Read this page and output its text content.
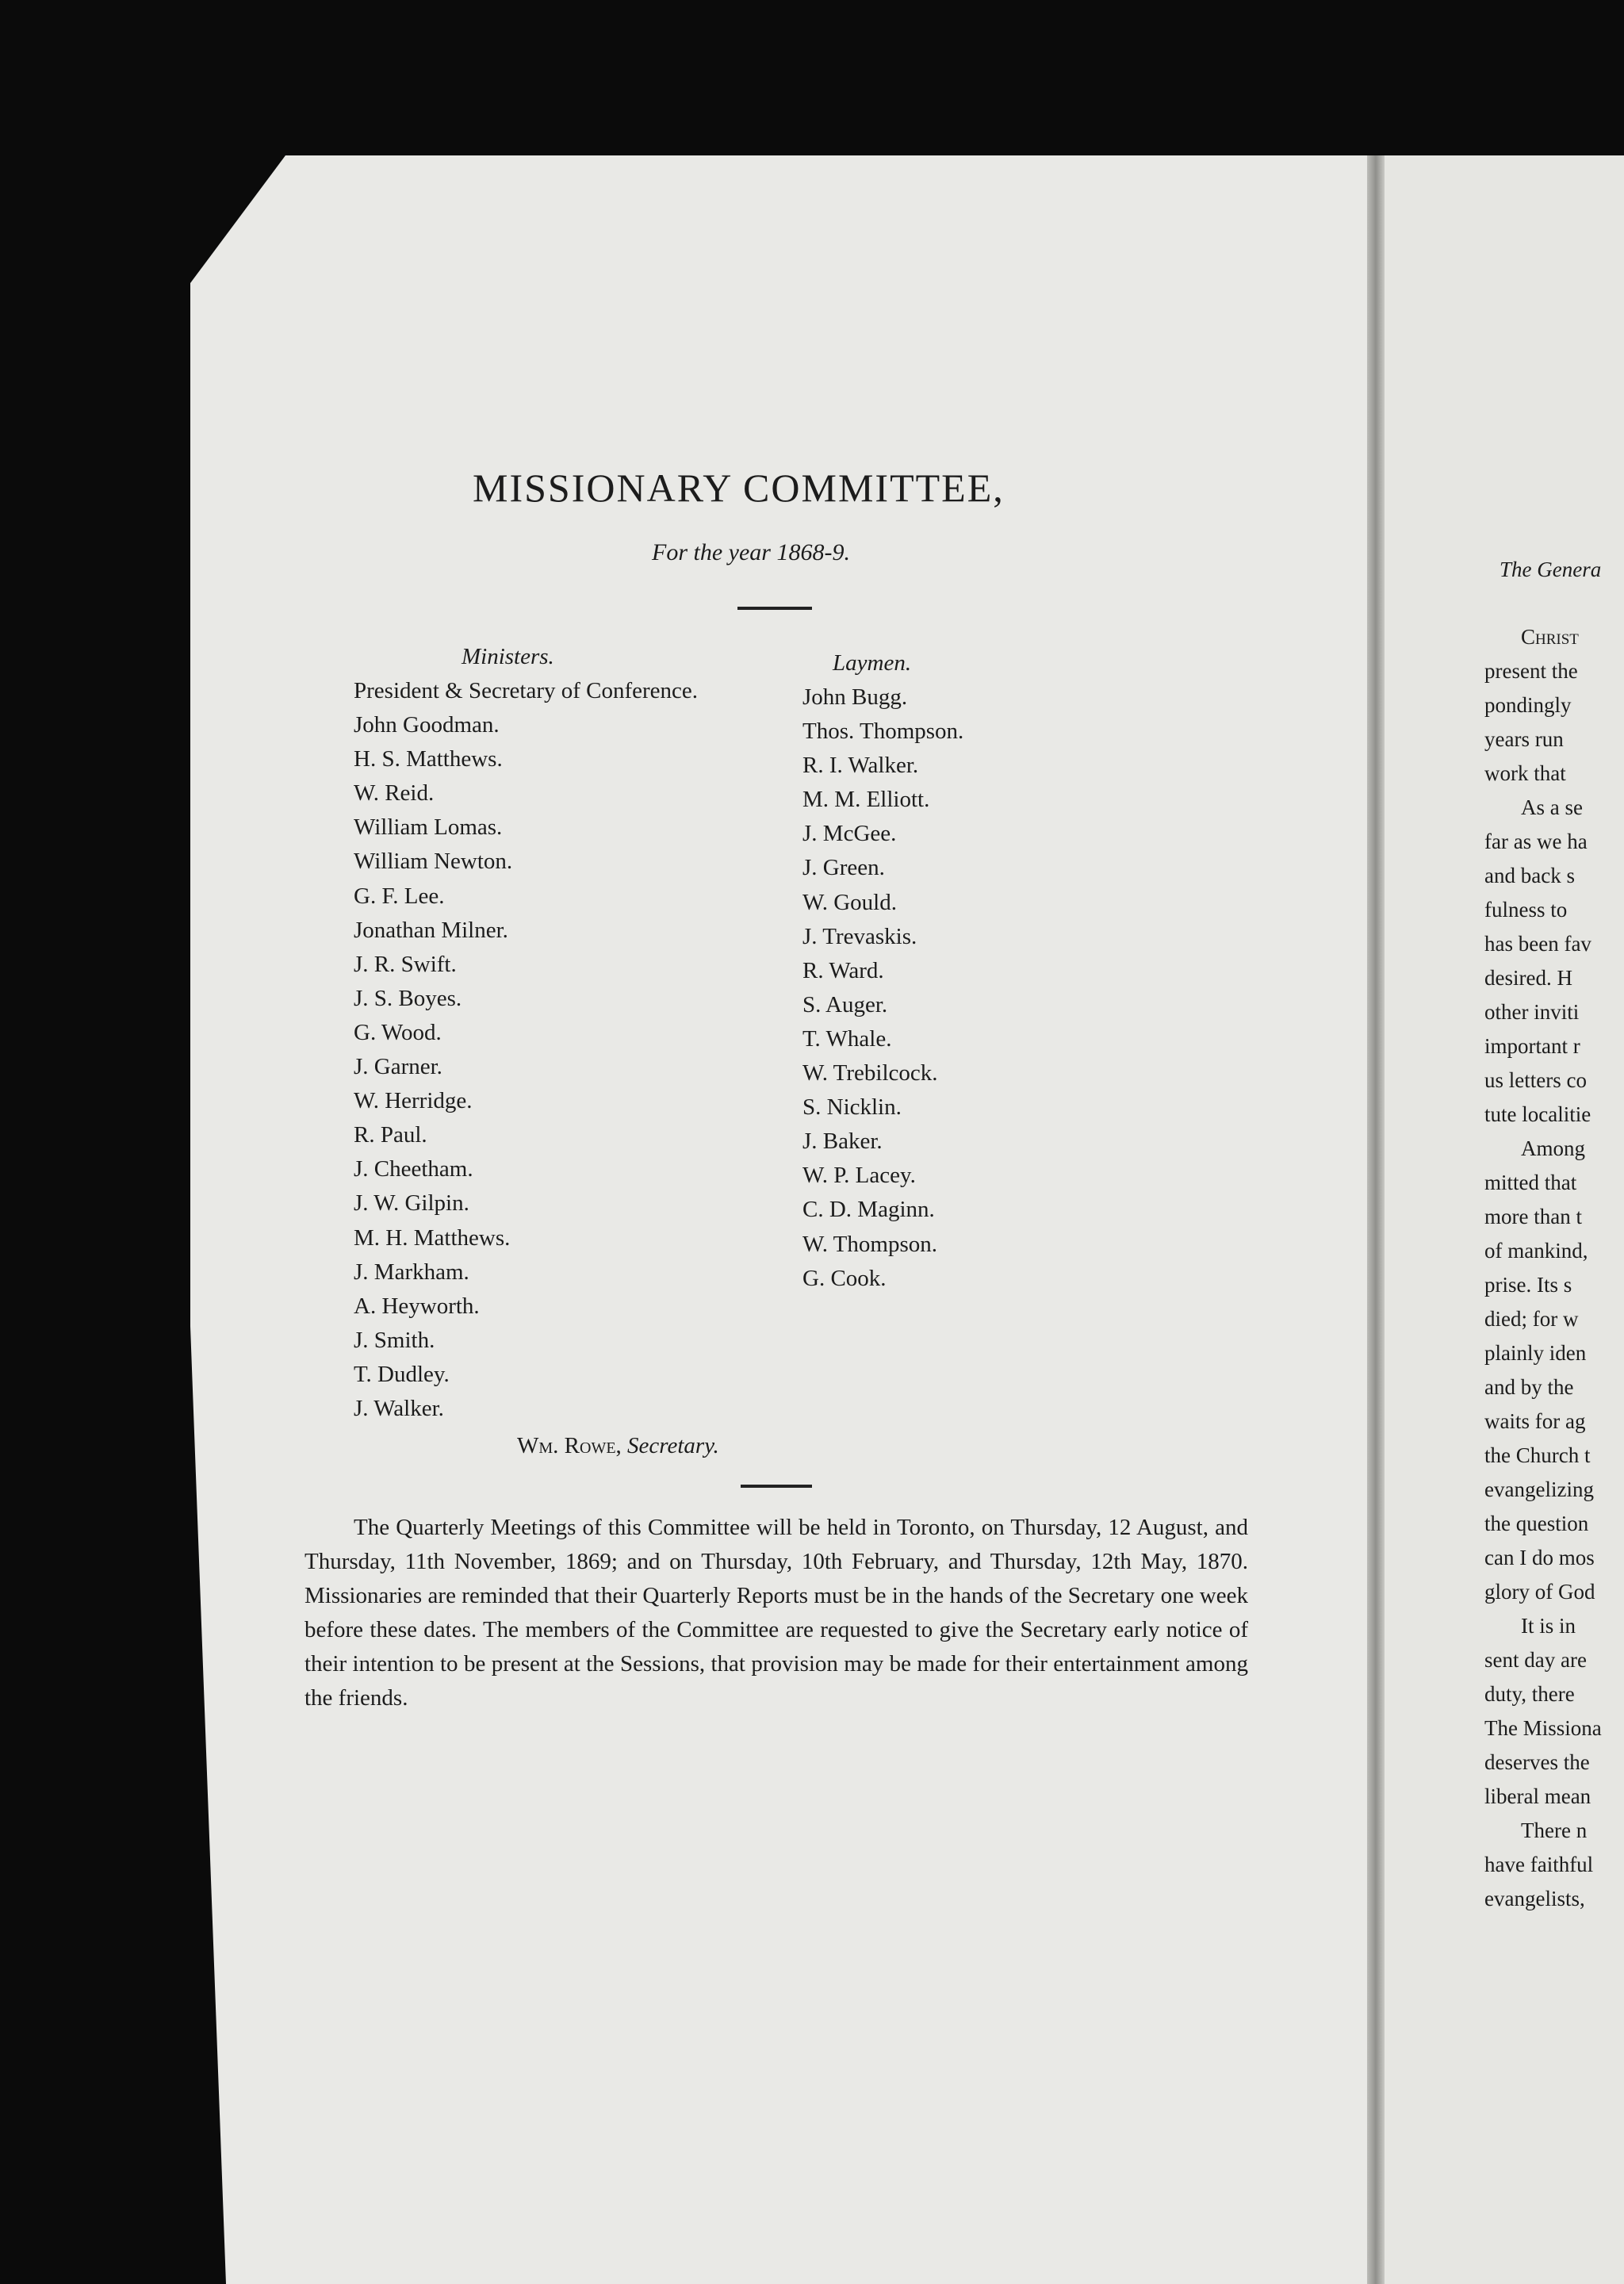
MISSIONARY COMMITTEE,
For the year 1868-9.
Ministers.	Laymen.
President & Secretary of Conference.
John Goodman.
H. S. Matthews.
W. Reid.
William Lomas.
William Newton.
G. F. Lee.
Jonathan Milner.
J. R. Swift.
J. S. Boyes.
G. Wood.
J. Garner.
W. Herridge.
R. Paul.
J. Cheetham.
J. W. Gilpin.
M. H. Matthews.
J. Markham.
A. Heyworth.
J. Smith.
T. Dudley.
J. Walker.
John Bugg.
Thos. Thompson.
R. I. Walker.
M. M. Elliott.
J. McGee.
J. Green.
W. Gould.
J. Trevaskis.
R. Ward.
S. Auger.
T. Whale.
W. Trebilcock.
S. Nicklin.
J. Baker.
W. P. Lacey.
C. D. Maginn.
W. Thompson.
G. Cook.
Wm. Rowe, Secretary.
The Quarterly Meetings of this Committee will be held in Toronto, on Thursday, 12 August, and Thursday, 11th November, 1869; and on Thursday, 10th February, and Thursday, 12th May, 1870. Missionaries are reminded that their Quarterly Reports must be in the hands of the Secretary one week before these dates. The members of the Committee are requested to give the Secretary early notice of their intention to be present at the Sessions, that provision may be made for their entertainment among the friends.
The Genera
Christ
present the
pondingly
years run
work that
As a se
far as we ha
and back s
fulness to
has been fav
desired. H
other inviti
important r
us letters co
tute localitie
Among
mitted that
more than t
of mankind,
prise. Its s
died; for w
plainly iden
and by the
waits for ag
the Church t
evangelizing
the question
can I do mos
glory of God
It is in
sent day are
duty, there
The Missiona
deserves the
liberal mean
There n
have faithful
evangelists,
